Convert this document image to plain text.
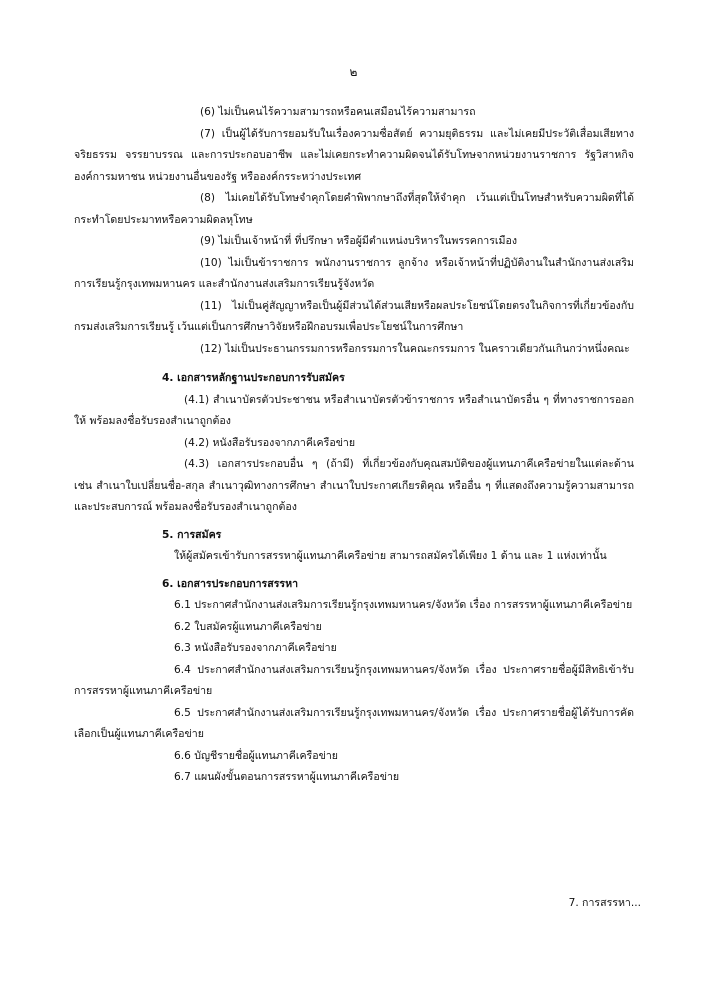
๒

(6) ไม่เป็นคนไร้ความสามารถหรือคนเสมือนไร้ความสามารถ

(7) เป็นผู้ได้รับการยอมรับในเรื่องความซื่อสัตย์ ความยุติธรรม และไม่เคยมีประวัติเสื่อมเสียทางจริยธรรม จรรยาบรรณ และการประกอบอาชีพ และไม่เคยกระทำความผิดจนได้รับโทษจากหน่วยงานราชการ รัฐวิสาหกิจ องค์การมหาชน หน่วยงานอื่นของรัฐ หรือองค์กรระหว่างประเทศ

(8) ไม่เคยได้รับโทษจำคุกโดยคำพิพากษาถึงที่สุดให้จำคุก เว้นแต่เป็นโทษสำหรับความผิดที่ได้กระทำโดยประมาทหรือความผิดลหุโทษ

(9) ไม่เป็นเจ้าหน้าที่ ที่ปรึกษา หรือผู้มีตำแหน่งบริหารในพรรคการเมือง

(10) ไม่เป็นข้าราชการ พนักงานราชการ ลูกจ้าง หรือเจ้าหน้าที่ปฏิบัติงานในสำนักงานส่งเสริมการเรียนรู้กรุงเทพมหานคร และสำนักงานส่งเสริมการเรียนรู้จังหวัด

(11) ไม่เป็นคู่สัญญาหรือเป็นผู้มีส่วนได้ส่วนเสียหรือผลประโยชน์โดยตรงในกิจการที่เกี่ยวข้องกับกรมส่งเสริมการเรียนรู้ เว้นแต่เป็นการศึกษาวิจัยหรือฝึกอบรมเพื่อประโยชน์ในการศึกษา

(12) ไม่เป็นประธานกรรมการหรือกรรมการในคณะกรรมการ ในคราวเดียวกันเกินกว่าหนึ่งคณะ

4. เอกสารหลักฐานประกอบการรับสมัคร

(4.1) สำเนาบัตรตัวประชาชน หรือสำเนาบัตรตัวข้าราชการ หรือสำเนาบัตรอื่น ๆ ที่ทางราชการออกให้ พร้อมลงชื่อรับรองสำเนาถูกต้อง

(4.2) หนังสือรับรองจากภาคีเครือข่าย

(4.3) เอกสารประกอบอื่น ๆ (ถ้ามี) ที่เกี่ยวข้องกับคุณสมบัติของผู้แทนภาคีเครือข่ายในแต่ละด้าน เช่น สำเนาใบเปลี่ยนชื่อ-สกุล สำเนาวุฒิทางการศึกษา สำเนาใบประกาศเกียรติคุณ หรืออื่น ๆ ที่แสดงถึงความรู้ความสามารถและประสบการณ์ พร้อมลงชื่อรับรองสำเนาถูกต้อง

5. การสมัคร

ให้ผู้สมัครเข้ารับการสรรหาผู้แทนภาคีเครือข่าย สามารถสมัครได้เพียง 1 ด้าน และ 1 แห่งเท่านั้น

6. เอกสารประกอบการสรรหา

6.1 ประกาศสำนักงานส่งเสริมการเรียนรู้กรุงเทพมหานคร/จังหวัด เรื่อง การสรรหาผู้แทนภาคีเครือข่าย

6.2 ใบสมัครผู้แทนภาคีเครือข่าย

6.3 หนังสือรับรองจากภาคีเครือข่าย

6.4 ประกาศสำนักงานส่งเสริมการเรียนรู้กรุงเทพมหานคร/จังหวัด เรื่อง ประกาศรายชื่อผู้มีสิทธิเข้ารับการสรรหาผู้แทนภาคีเครือข่าย

6.5 ประกาศสำนักงานส่งเสริมการเรียนรู้กรุงเทพมหานคร/จังหวัด เรื่อง ประกาศรายชื่อผู้ได้รับการคัดเลือกเป็นผู้แทนภาคีเครือข่าย

6.6 บัญชีรายชื่อผู้แทนภาคีเครือข่าย

6.7 แผนผังขั้นตอนการสรรหาผู้แทนภาคีเครือข่าย

7. การสรรหา...
